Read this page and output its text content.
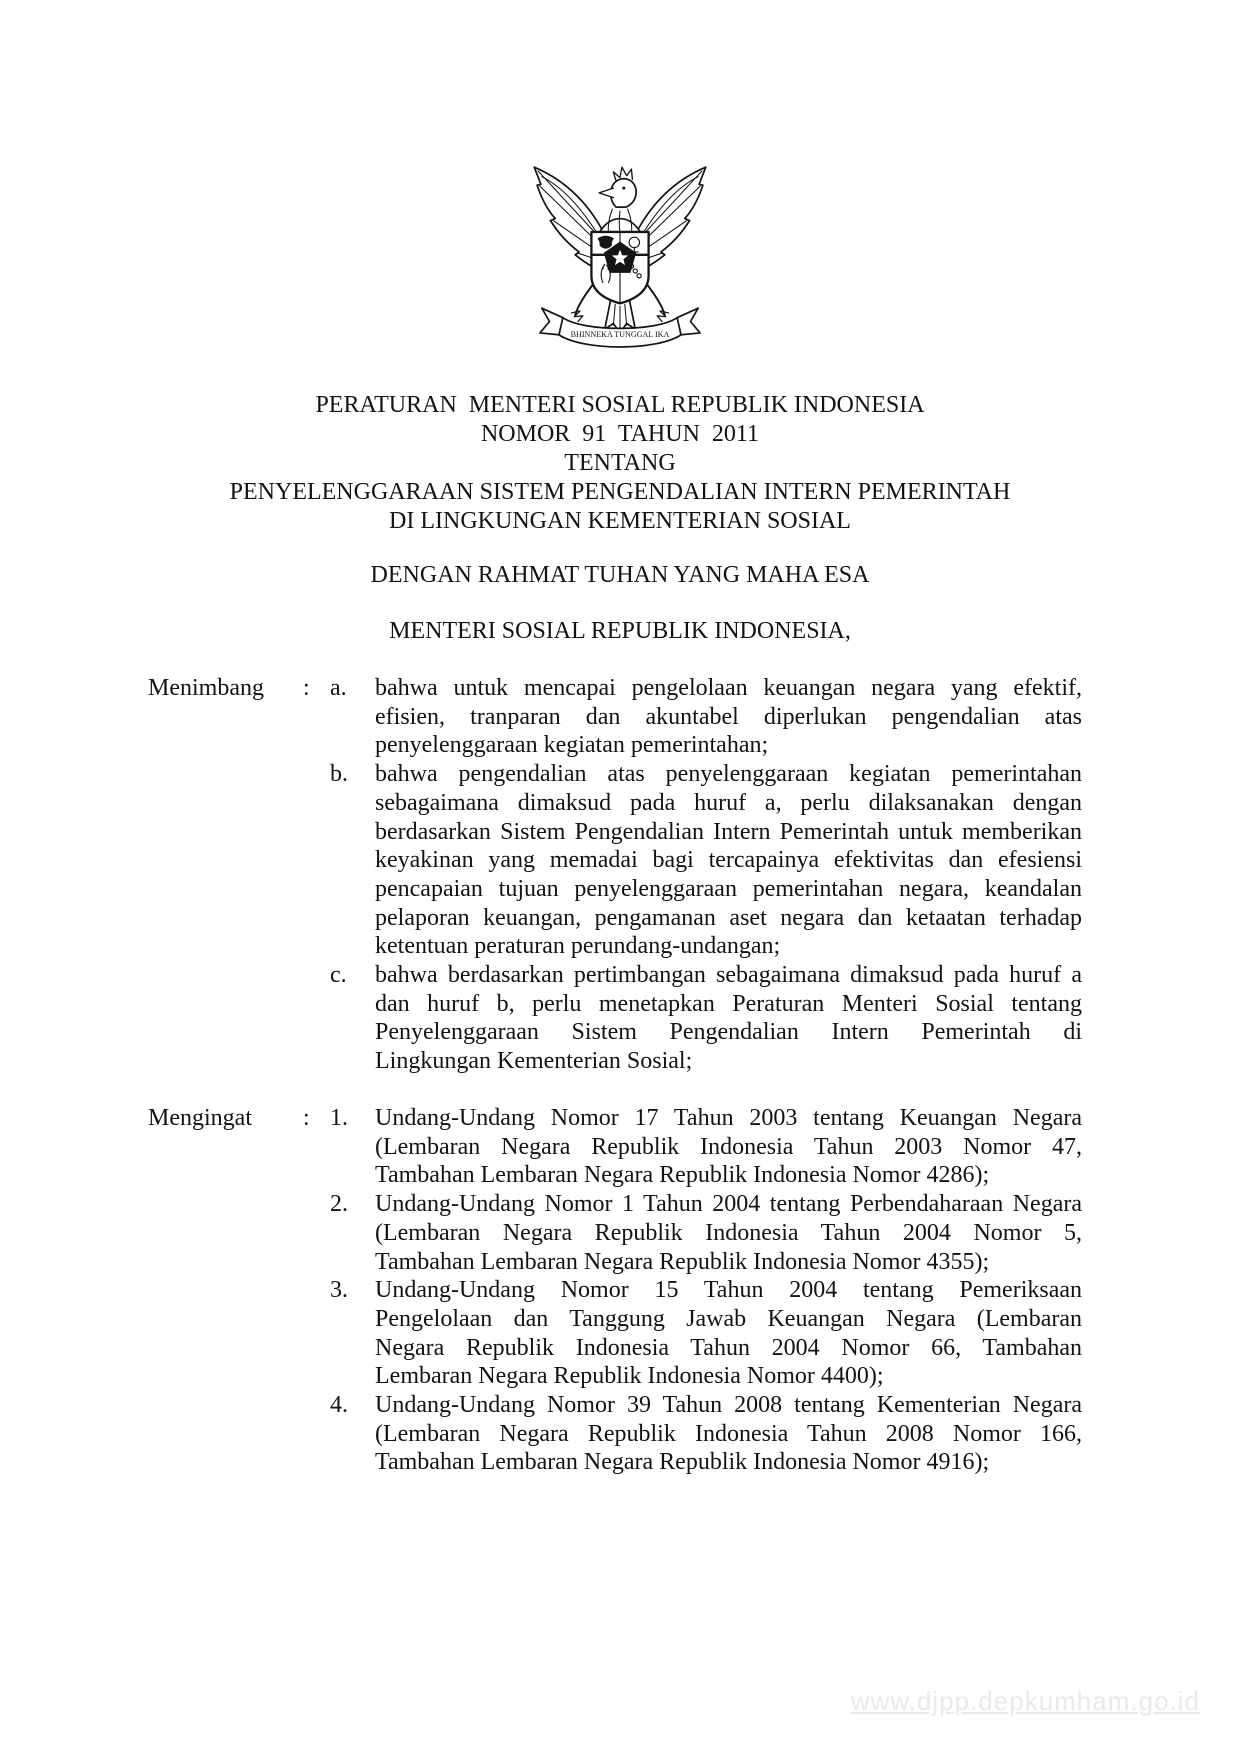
BHINNEKA TUNGGAL IKA
PERATURAN  MENTERI SOSIAL REPUBLIK INDONESIA
NOMOR  91  TAHUN  2011
TENTANG
PENYELENGGARAAN SISTEM PENGENDALIAN INTERN PEMERINTAH
DI LINGKUNGAN KEMENTERIAN SOSIAL
DENGAN RAHMAT TUHAN YANG MAHA ESA
MENTERI SOSIAL REPUBLIK INDONESIA,
Menimbang : a.	bahwa untuk mencapai pengelolaan keuangan negara yang efektif,
efisien, tranparan dan akuntabel diperlukan pengendalian atas
penyelenggaraan kegiatan pemerintahan;
b.	bahwa pengendalian atas penyelenggaraan kegiatan pemerintahan
sebagaimana dimaksud pada huruf a, perlu dilaksanakan dengan
berdasarkan Sistem Pengendalian Intern Pemerintah untuk memberikan
keyakinan yang memadai bagi tercapainya efektivitas dan efesiensi
pencapaian tujuan penyelenggaraan pemerintahan negara, keandalan
pelaporan keuangan, pengamanan aset negara dan ketaatan terhadap
ketentuan peraturan perundang-undangan;
c.	bahwa berdasarkan pertimbangan sebagaimana dimaksud pada huruf a
dan huruf b, perlu menetapkan Peraturan Menteri Sosial tentang
Penyelenggaraan Sistem Pengendalian Intern Pemerintah di
Lingkungan Kementerian Sosial;
Mengingat : 1.	Undang-Undang Nomor 17 Tahun 2003 tentang Keuangan Negara
(Lembaran Negara Republik Indonesia Tahun 2003 Nomor 47,
Tambahan Lembaran Negara Republik Indonesia Nomor 4286);
2.	Undang-Undang Nomor 1 Tahun 2004 tentang Perbendaharaan Negara
(Lembaran Negara Republik Indonesia Tahun 2004 Nomor 5,
Tambahan Lembaran Negara Republik Indonesia Nomor 4355);
3.	Undang-Undang Nomor 15 Tahun 2004 tentang Pemeriksaan
Pengelolaan dan Tanggung Jawab Keuangan Negara (Lembaran
Negara Republik Indonesia Tahun 2004 Nomor 66, Tambahan
Lembaran Negara Republik Indonesia Nomor 4400);
4.	Undang-Undang Nomor 39 Tahun 2008 tentang Kementerian Negara
(Lembaran Negara Republik Indonesia Tahun 2008 Nomor 166,
Tambahan Lembaran Negara Republik Indonesia Nomor 4916);
www.djpp.depkumham.go.id
